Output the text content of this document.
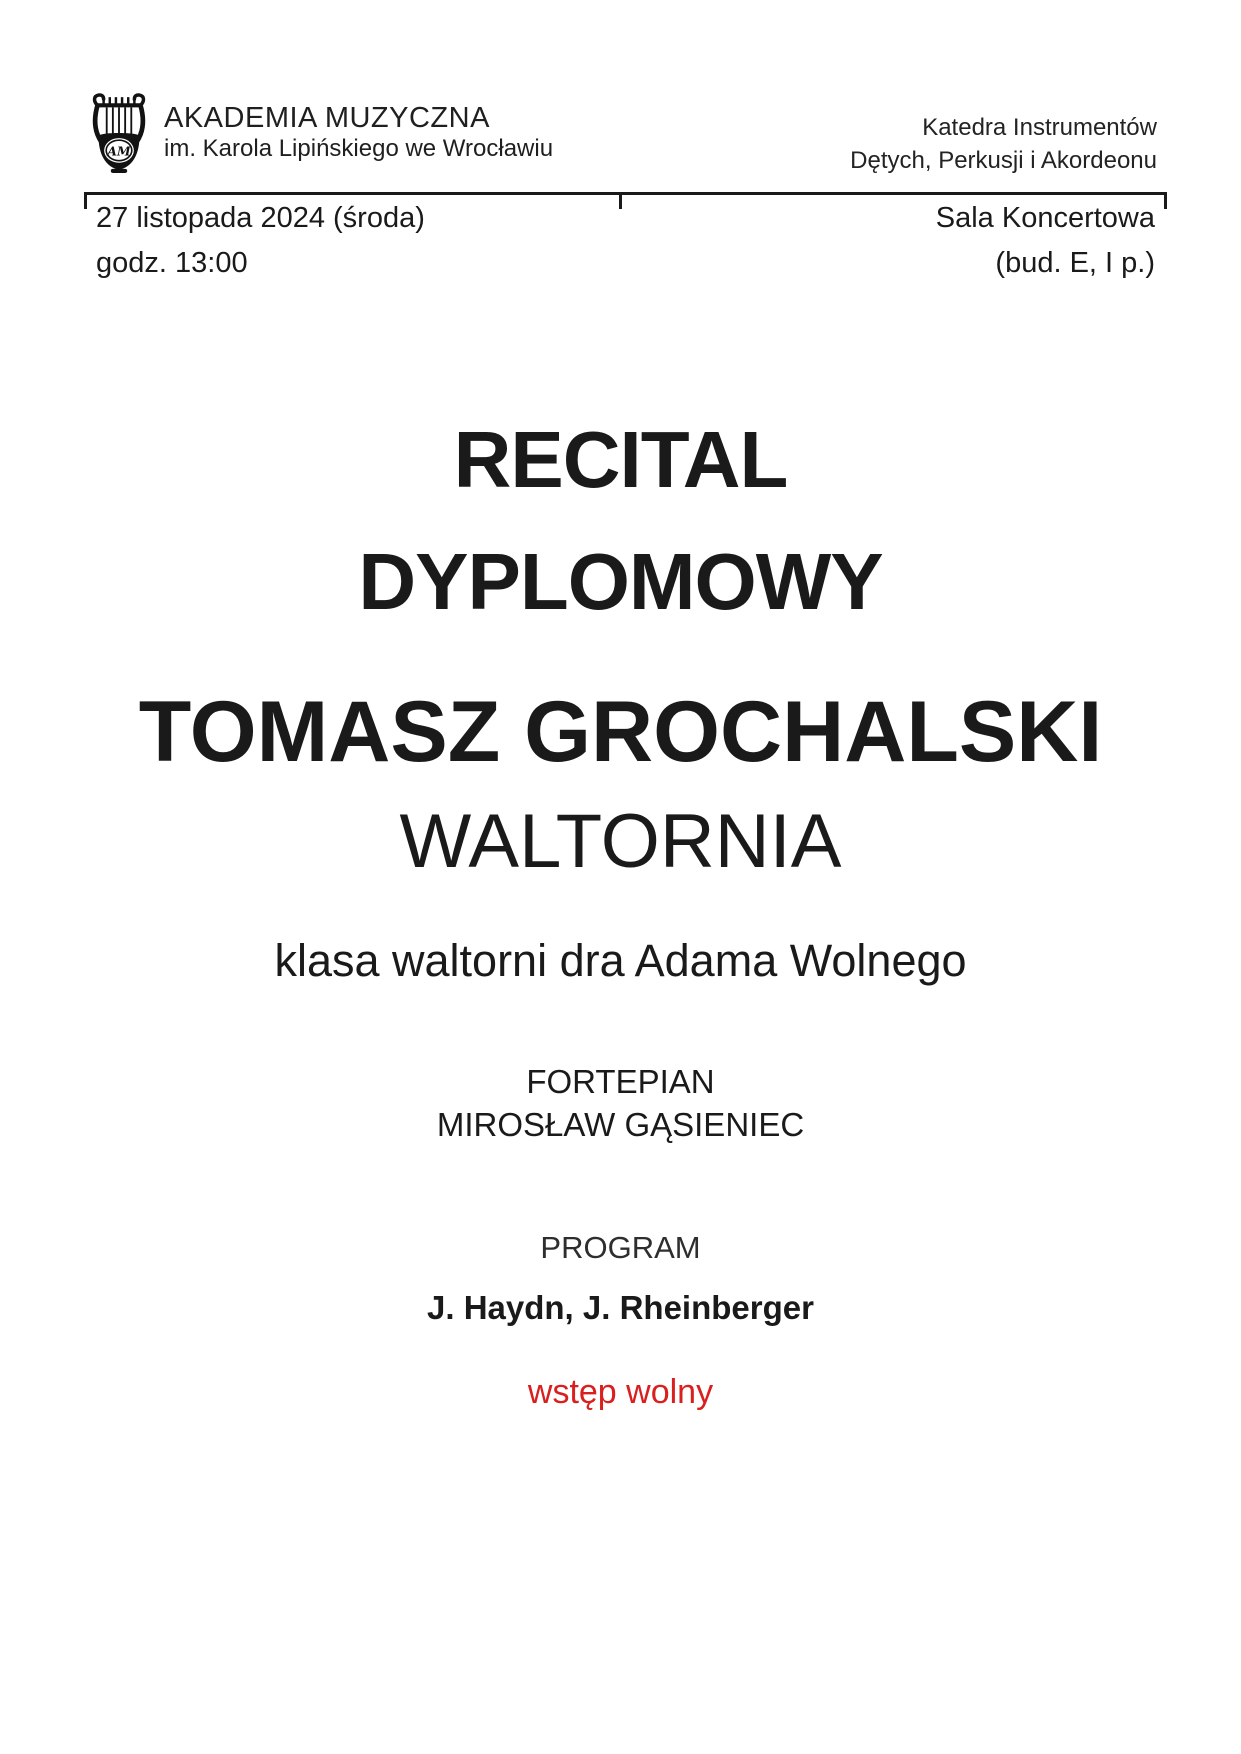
AM
AKADEMIA MUZYCZNA
im. Karola Lipińskiego we Wrocławiu
Katedra Instrumentów
Dętych, Perkusji i Akordeonu
27 listopada 2024 (środa)
godz. 13:00
Sala Koncertowa
(bud. E, I p.)
RECITAL
DYPLOMOWY
TOMASZ GROCHALSKI
WALTORNIA
klasa waltorni dra Adama Wolnego
FORTEPIAN
MIROSŁAW GĄSIENIEC
PROGRAM
J. Haydn, J. Rheinberger
wstęp wolny
